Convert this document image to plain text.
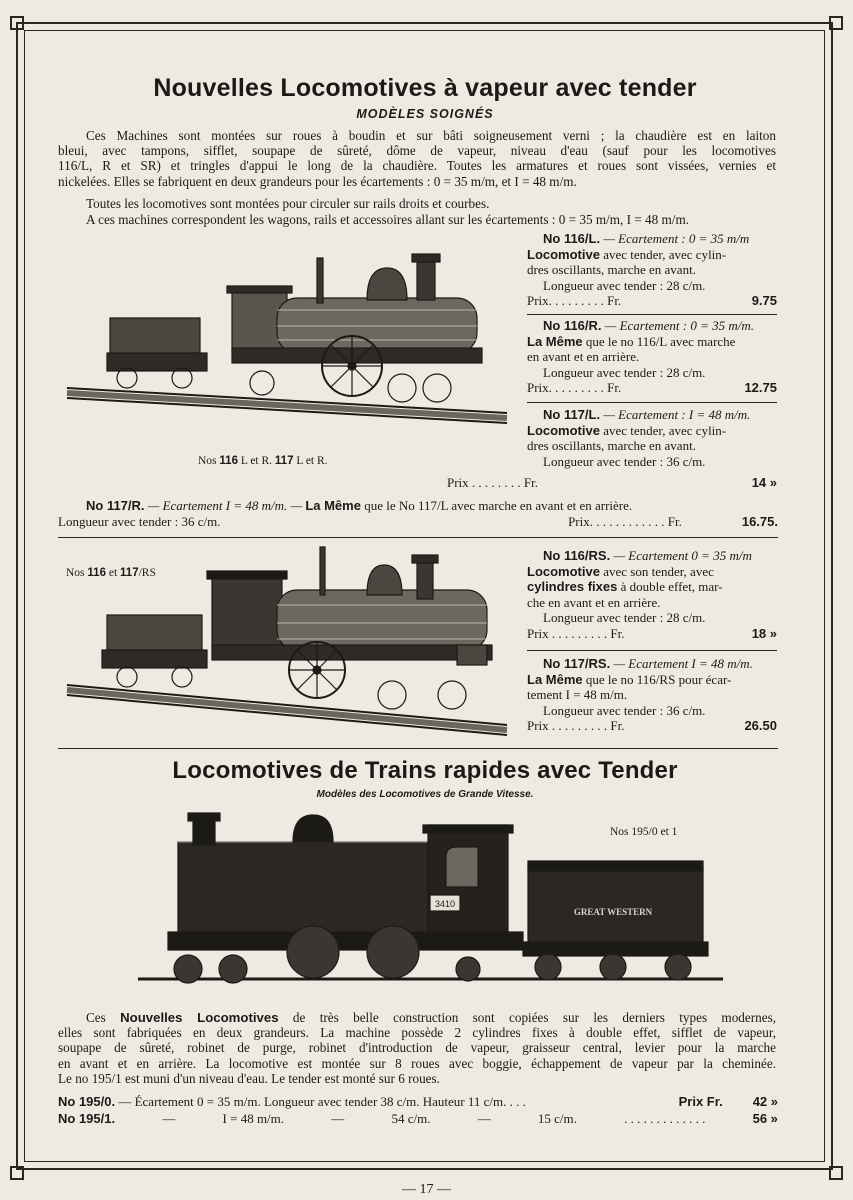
Nouvelles Locomotives à vapeur avec tender
MODÈLES SOIGNÉS
Ces Machines sont montées sur roues à boudin et sur bâti soigneusement verni ; la chaudière est en laiton
bleui, avec tampons, sifflet, soupape de sûreté, dôme de vapeur, niveau d'eau (sauf pour les locomotives
116/L, R et SR) et tringles d'appui le long de la chaudière. Toutes les armatures et roues sont vissées, vernies et
nickelées. Elles se fabriquent en deux grandeurs pour les écartements : 0 = 35 m/m, et I = 48 m/m.
Toutes les locomotives sont montées pour circuler sur rails droits et courbes.
A ces machines correspondent les wagons, rails et accessoires allant sur les écartements : 0 = 35 m/m, I = 48 m/m.
Nos 116 L et R. 117 L et R.
No 116/L. — Ecartement : 0 = 35 m/m
Locomotive avec tender, avec cylin-
dres oscillants, marche en avant.
Longueur avec tender : 28 c/m.
Prix. . . . . . . . . Fr.	9.75
No 116/R. — Ecartement : 0 = 35 m/m.
La Même que le no 116/L avec marche
en avant et en arrière.
Longueur avec tender : 28 c/m.
Prix. . . . . . . . . Fr.	12.75
No 117/L. — Ecartement : I = 48 m/m.
Locomotive avec tender, avec cylin-
dres oscillants, marche en avant.
Longueur avec tender : 36 c/m.
Prix . . . . . . . . Fr.	14 »
No 117/R. — Ecartement I = 48 m/m. — La Même que le No 117/L avec marche en avant et en arrière.
Longueur avec tender : 36 c/m.	Prix. . . . . . . . . . . . Fr.	16.75.
Nos 116 et 117/RS
No 116/RS. — Ecartement 0 = 35 m/m
Locomotive avec son tender, avec
cylindres fixes à double effet, mar-
che en avant et en arrière.
Longueur avec tender : 28 c/m.
Prix . . . . . . . . . Fr.	18 »
No 117/RS. — Ecartement I = 48 m/m.
La Même que le no 116/RS pour écar-
tement I = 48 m/m.
Longueur avec tender : 36 c/m.
Prix . . . . . . . . . Fr.	26.50
Locomotives de Trains rapides avec Tender
Modèles des Locomotives de Grande Vitesse.
Nos 195/0 et 1
3410
GREAT WESTERN
Ces Nouvelles Locomotives de très belle construction sont copiées sur les derniers types modernes,
elles sont fabriquées en deux grandeurs. La machine possède 2 cylindres fixes à double effet, sifflet de vapeur,
soupape de sûreté, robinet de purge, robinet d'introduction de vapeur, graisseur central, levier pour la marche
en avant et en arrière. La locomotive est montée sur 8 roues avec boggie, échappement de vapeur par la cheminée.
Le no 195/1 est muni d'un niveau d'eau. Le tender est monté sur 6 roues.
No 195/0. — Écartement 0 = 35 m/m. Longueur avec tender 38 c/m. Hauteur 11 c/m. . . .	Prix Fr. 42 »
No 195/1.	—	I = 48 m/m.	—	54 c/m.	—	15 c/m.	. . . . . . . . . . . . .	56 »
— 17 —
